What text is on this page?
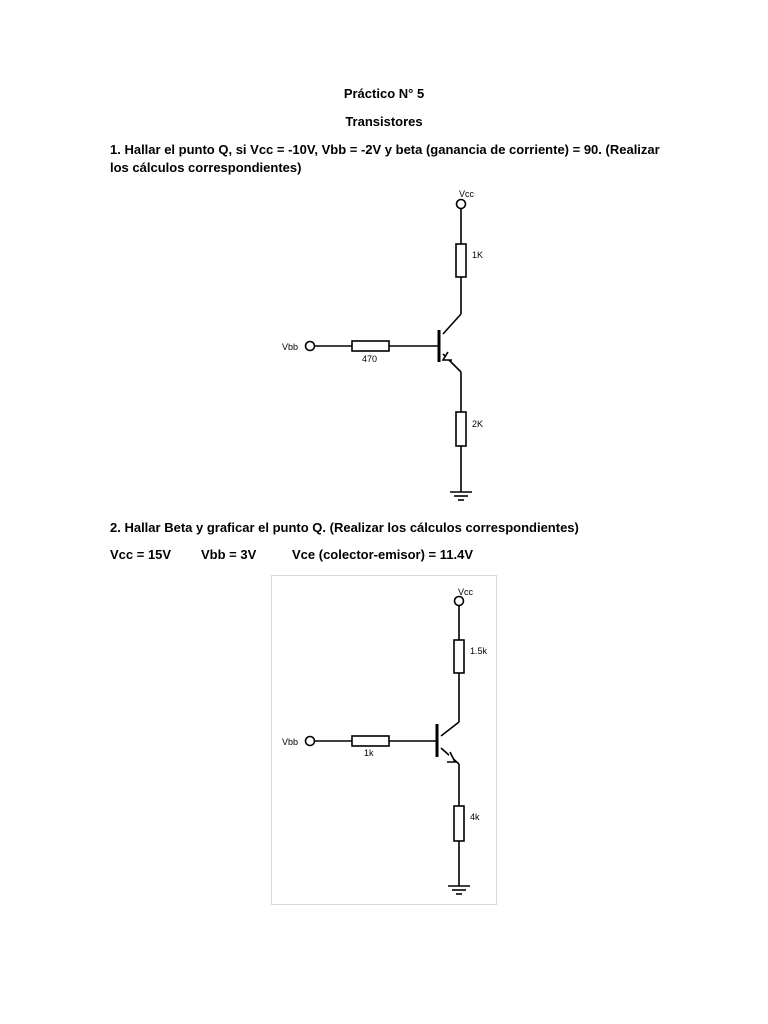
Práctico N° 5
Transistores
1. Hallar el punto Q, si Vcc = -10V, Vbb = -2V y beta (ganancia de corriente) = 90. (Realizar los cálculos correspondientes)
Vcc
1K
Vbb
470
2K
2. Hallar Beta y graficar el punto Q. (Realizar los cálculos correspondientes)
Vcc = 15V Vbb = 3V	Vce (colector-emisor) = 11.4V
Vcc
1.5k
Vbb
1k
4k
